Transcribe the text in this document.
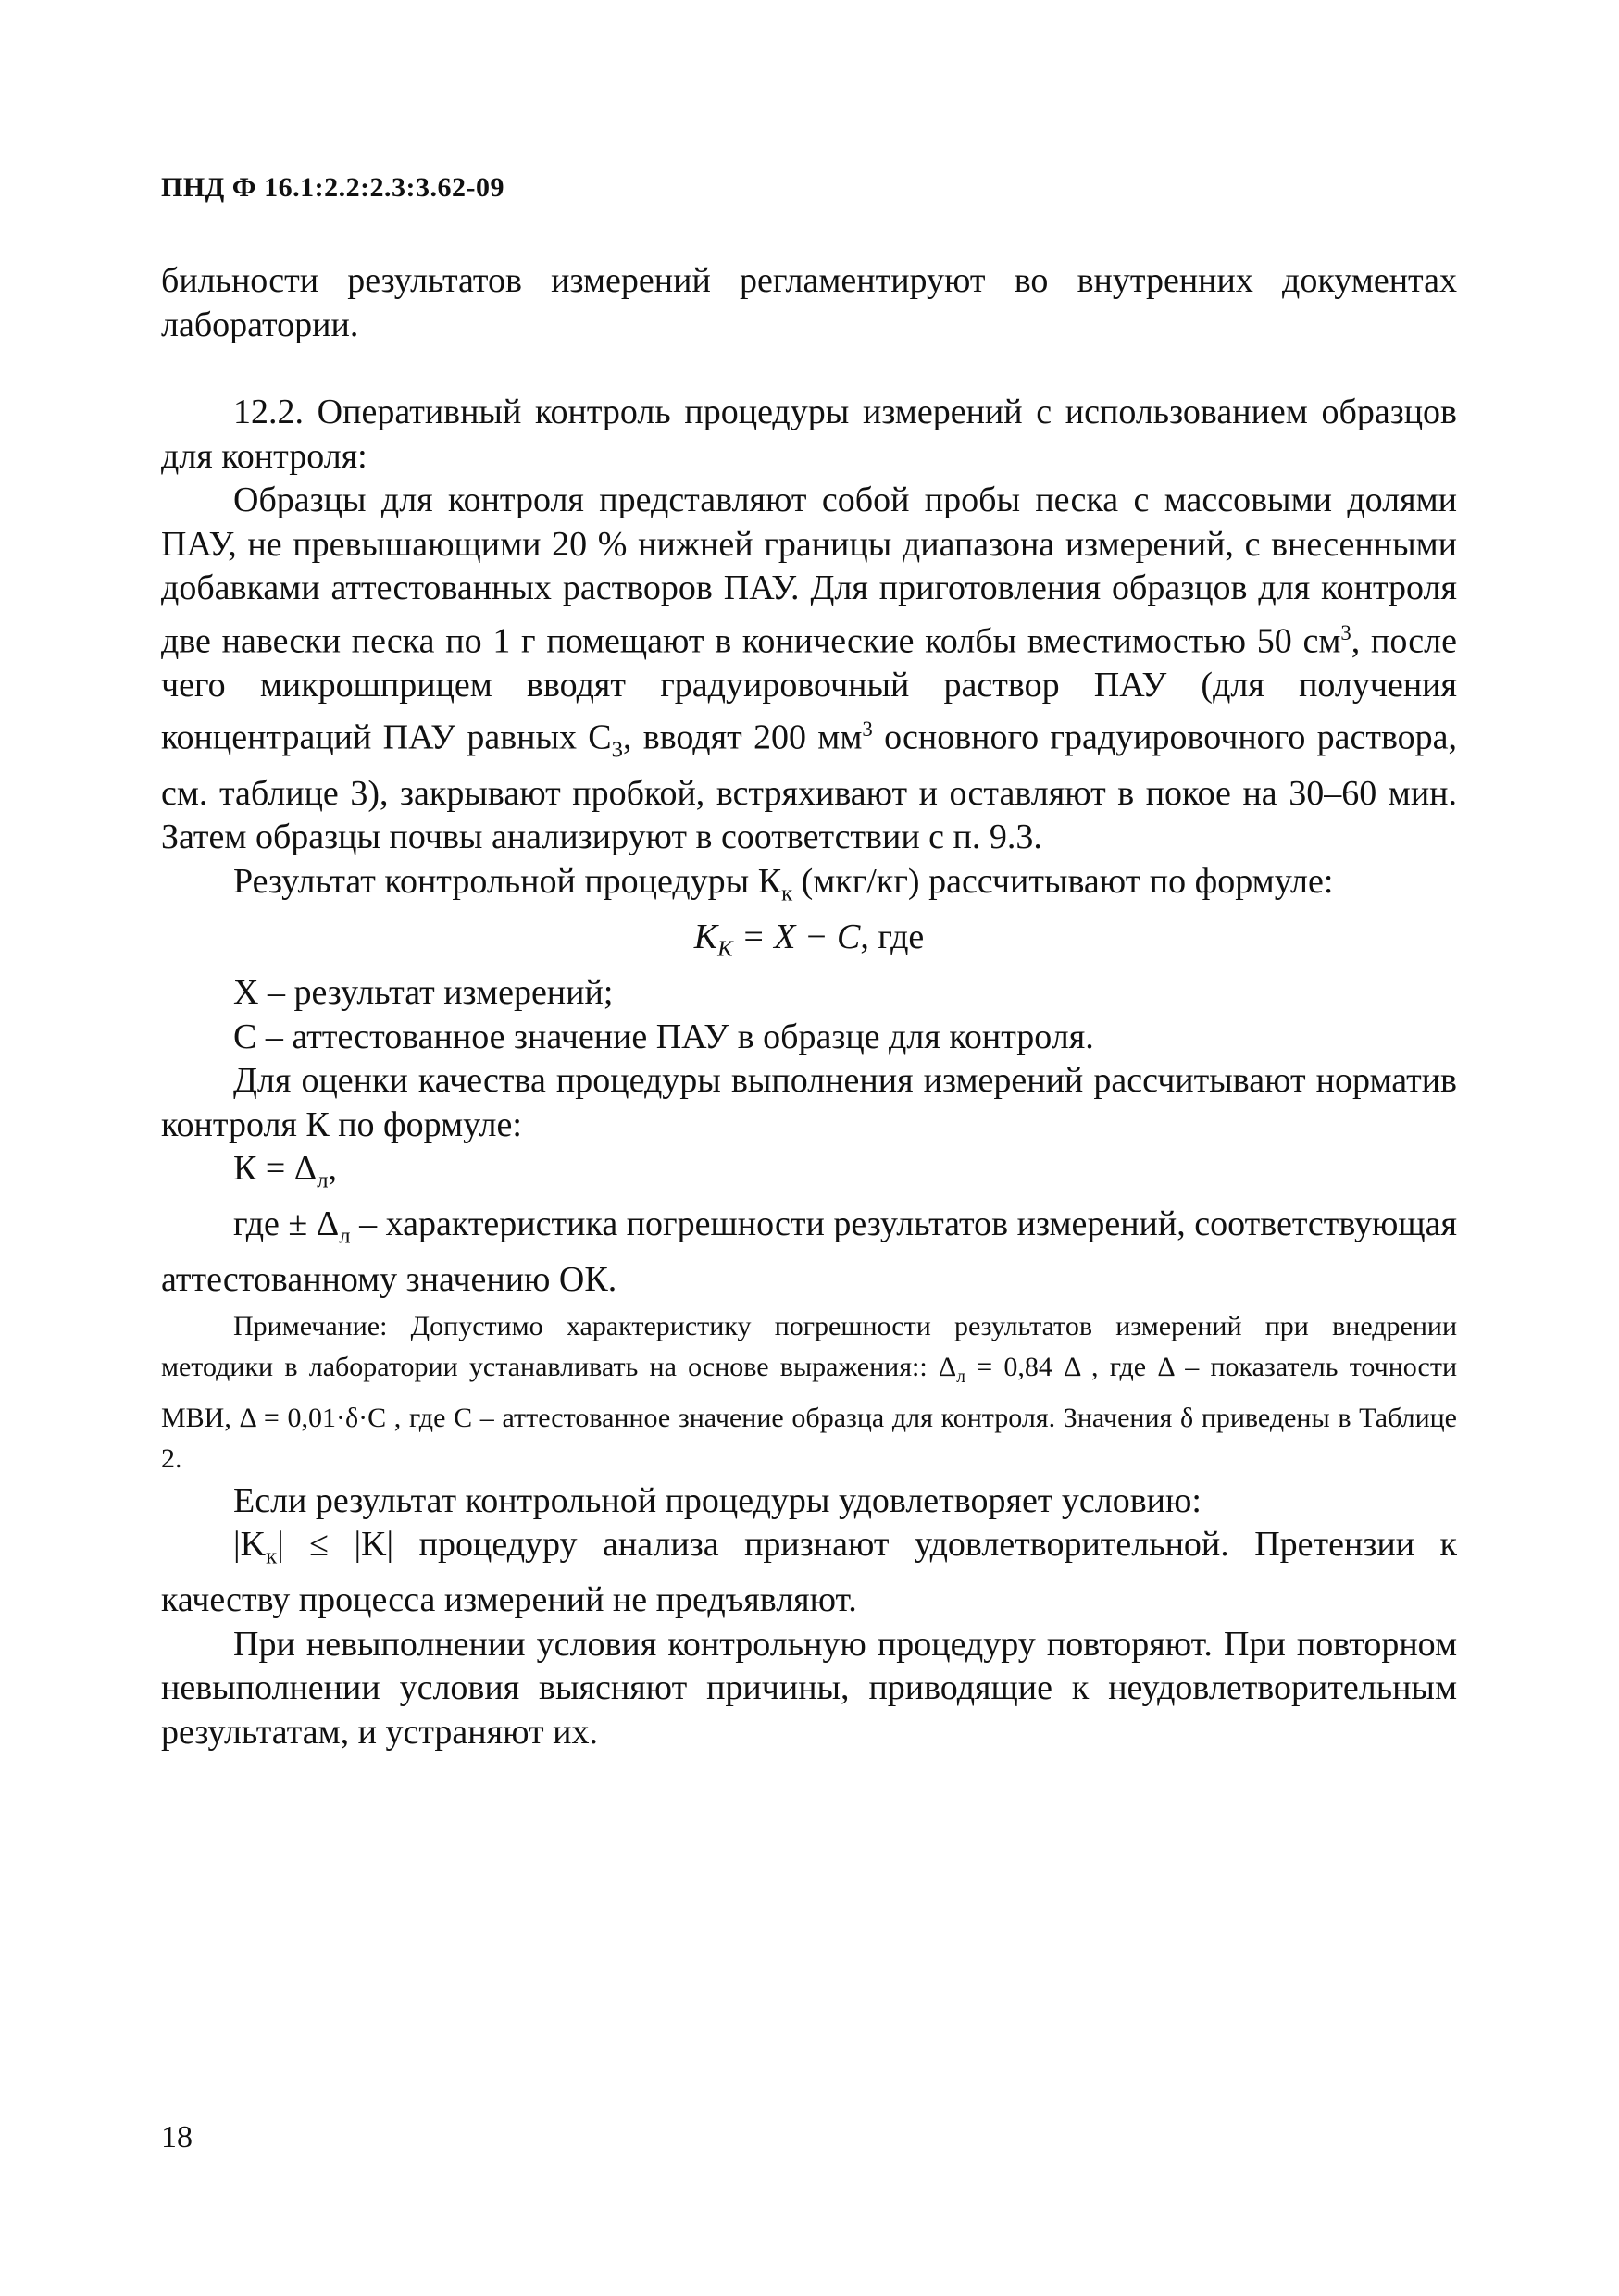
ПНД Ф 16.1:2.2:2.3:3.62-09

бильности результатов измерений регламентируют во внутренних документах лаборатории.

12.2. Оперативный контроль процедуры измерений с использованием образцов для контроля:

Образцы для контроля представляют собой пробы песка с массовыми долями ПАУ, не превышающими 20 % нижней границы диапазона измерений, с внесенными добавками аттестованных растворов ПАУ. Для приготовления образцов для контроля две навески песка по 1 г помещают в конические колбы вместимостью 50 $см^3$, после чего микрошприцем вводят градуировочный раствор ПАУ (для получения концентраций ПАУ равных $С_3$, вводят 200 $мм^3$ основного градуировочного раствора, см. таблице 3), закрывают пробкой, встряхивают и оставляют в покое на 30–60 мин. Затем образцы почвы анализируют в соответствии с п. 9.3.

Результат контрольной процедуры $К_к$ (мкг/кг) рассчитывают по формуле:

$K_K = X - C$, где

X – результат измерений;

С – аттестованное значение ПАУ в образце для контроля.

Для оценки качества процедуры выполнения измерений рассчитывают норматив контроля К по формуле:

$К = \Delta_л$,

где ± $\Delta_л$ – характеристика погрешности результатов измерений, соответствующая аттестованному значению ОК.

Примечание: Допустимо характеристику погрешности результатов измерений при внедрении методики в лаборатории устанавливать на основе выражения:: $\Delta_л = 0,84$ Δ , где Δ – показатель точности МВИ, Δ = 0,01·δ·C , где С – аттестованное значение образца для контроля. Значения δ приведены в Таблице 2.

Если результат контрольной процедуры удовлетворяет условию:

$|K_к| \le |K|$ процедуру анализа признают удовлетворительной. Претензии к качеству процесса измерений не предъявляют.

При невыполнении условия контрольную процедуру повторяют. При повторном невыполнении условия выясняют причины, приводящие к неудовлетворительным результатам, и устраняют их.

18
